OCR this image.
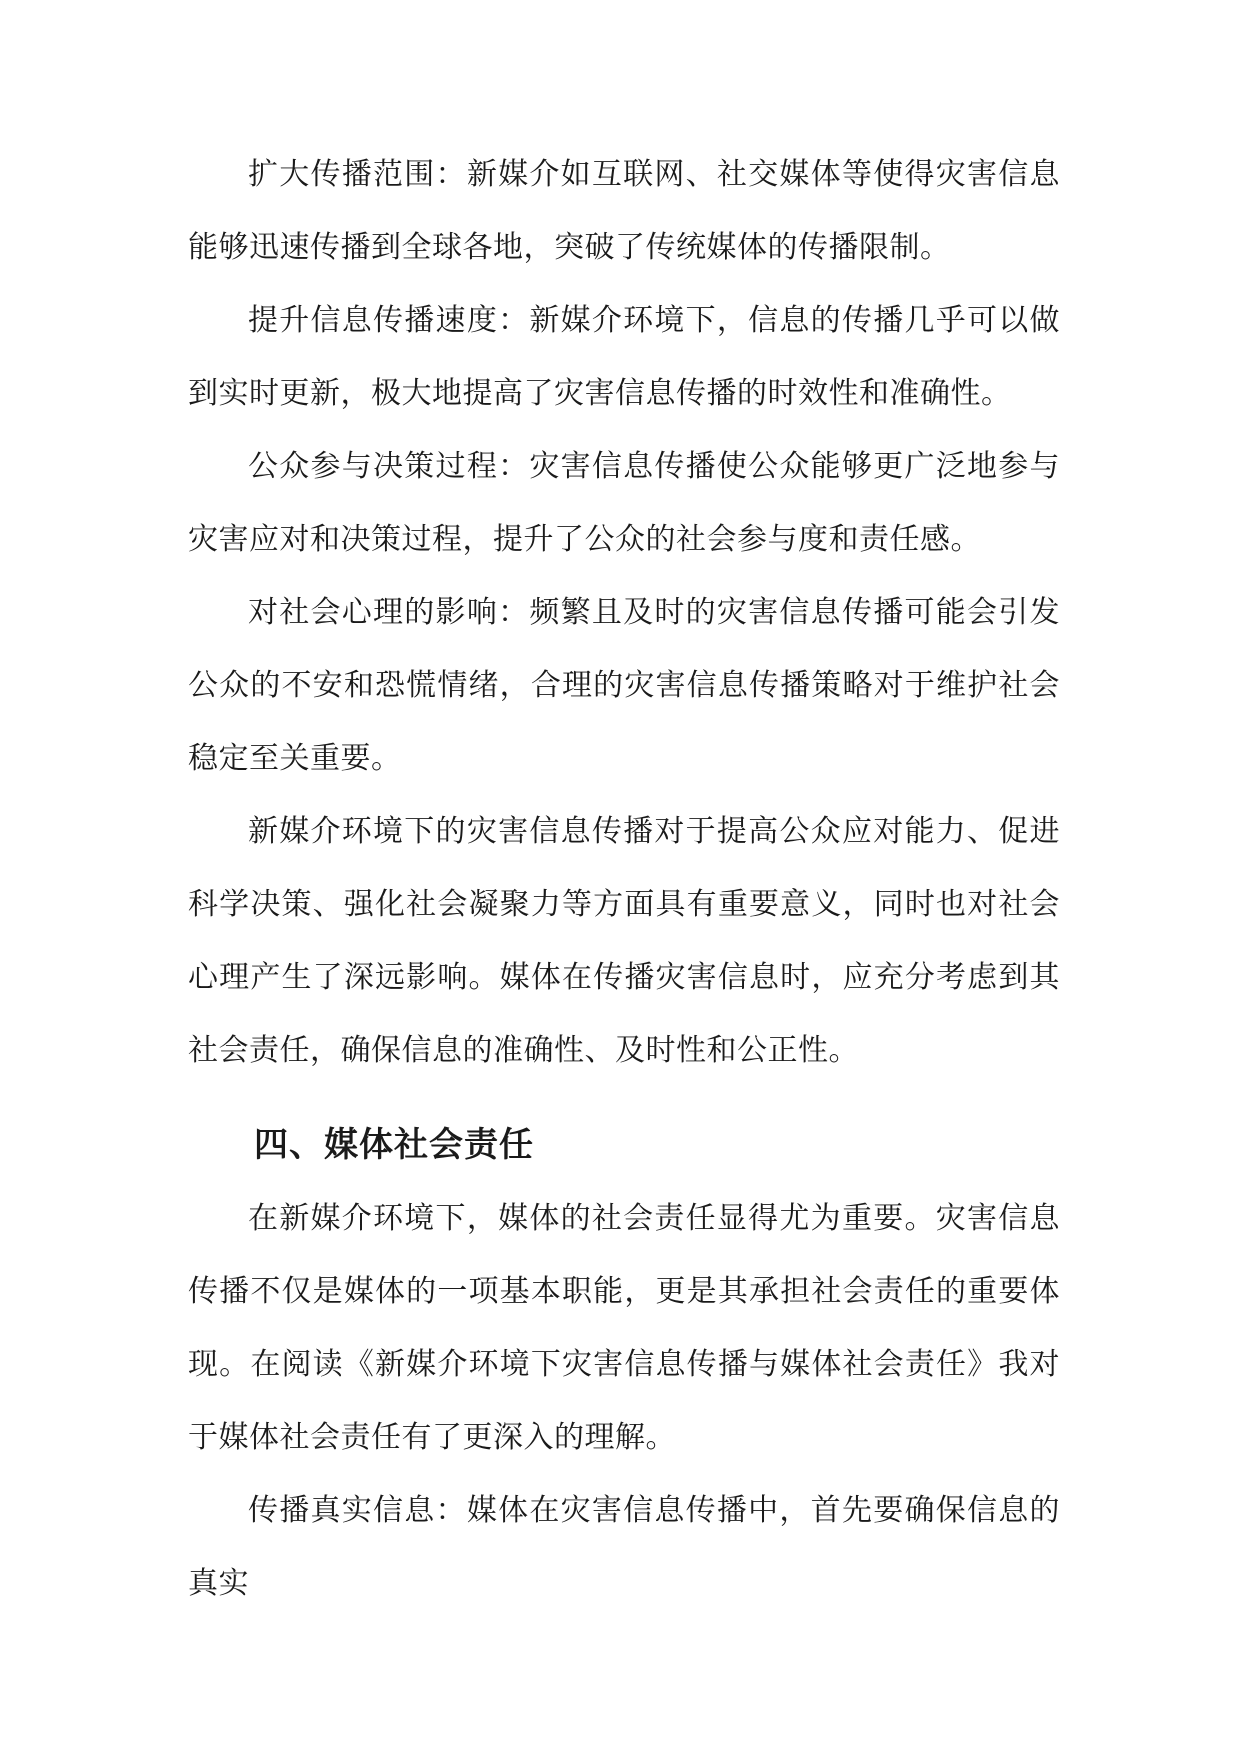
扩大传播范围：新媒介如互联网、社交媒体等使得灾害信息能够迅速传播到全球各地，突破了传统媒体的传播限制。

提升信息传播速度：新媒介环境下，信息的传播几乎可以做到实时更新，极大地提高了灾害信息传播的时效性和准确性。

公众参与决策过程：灾害信息传播使公众能够更广泛地参与灾害应对和决策过程，提升了公众的社会参与度和责任感。

对社会心理的影响：频繁且及时的灾害信息传播可能会引发公众的不安和恐慌情绪，合理的灾害信息传播策略对于维护社会稳定至关重要。

新媒介环境下的灾害信息传播对于提高公众应对能力、促进科学决策、强化社会凝聚力等方面具有重要意义，同时也对社会心理产生了深远影响。媒体在传播灾害信息时，应充分考虑到其社会责任，确保信息的准确性、及时性和公正性。

四、媒体社会责任

在新媒介环境下，媒体的社会责任显得尤为重要。灾害信息传播不仅是媒体的一项基本职能，更是其承担社会责任的重要体现。在阅读《新媒介环境下灾害信息传播与媒体社会责任》我对于媒体社会责任有了更深入的理解。

传播真实信息：媒体在灾害信息传播中，首先要确保信息的真实
